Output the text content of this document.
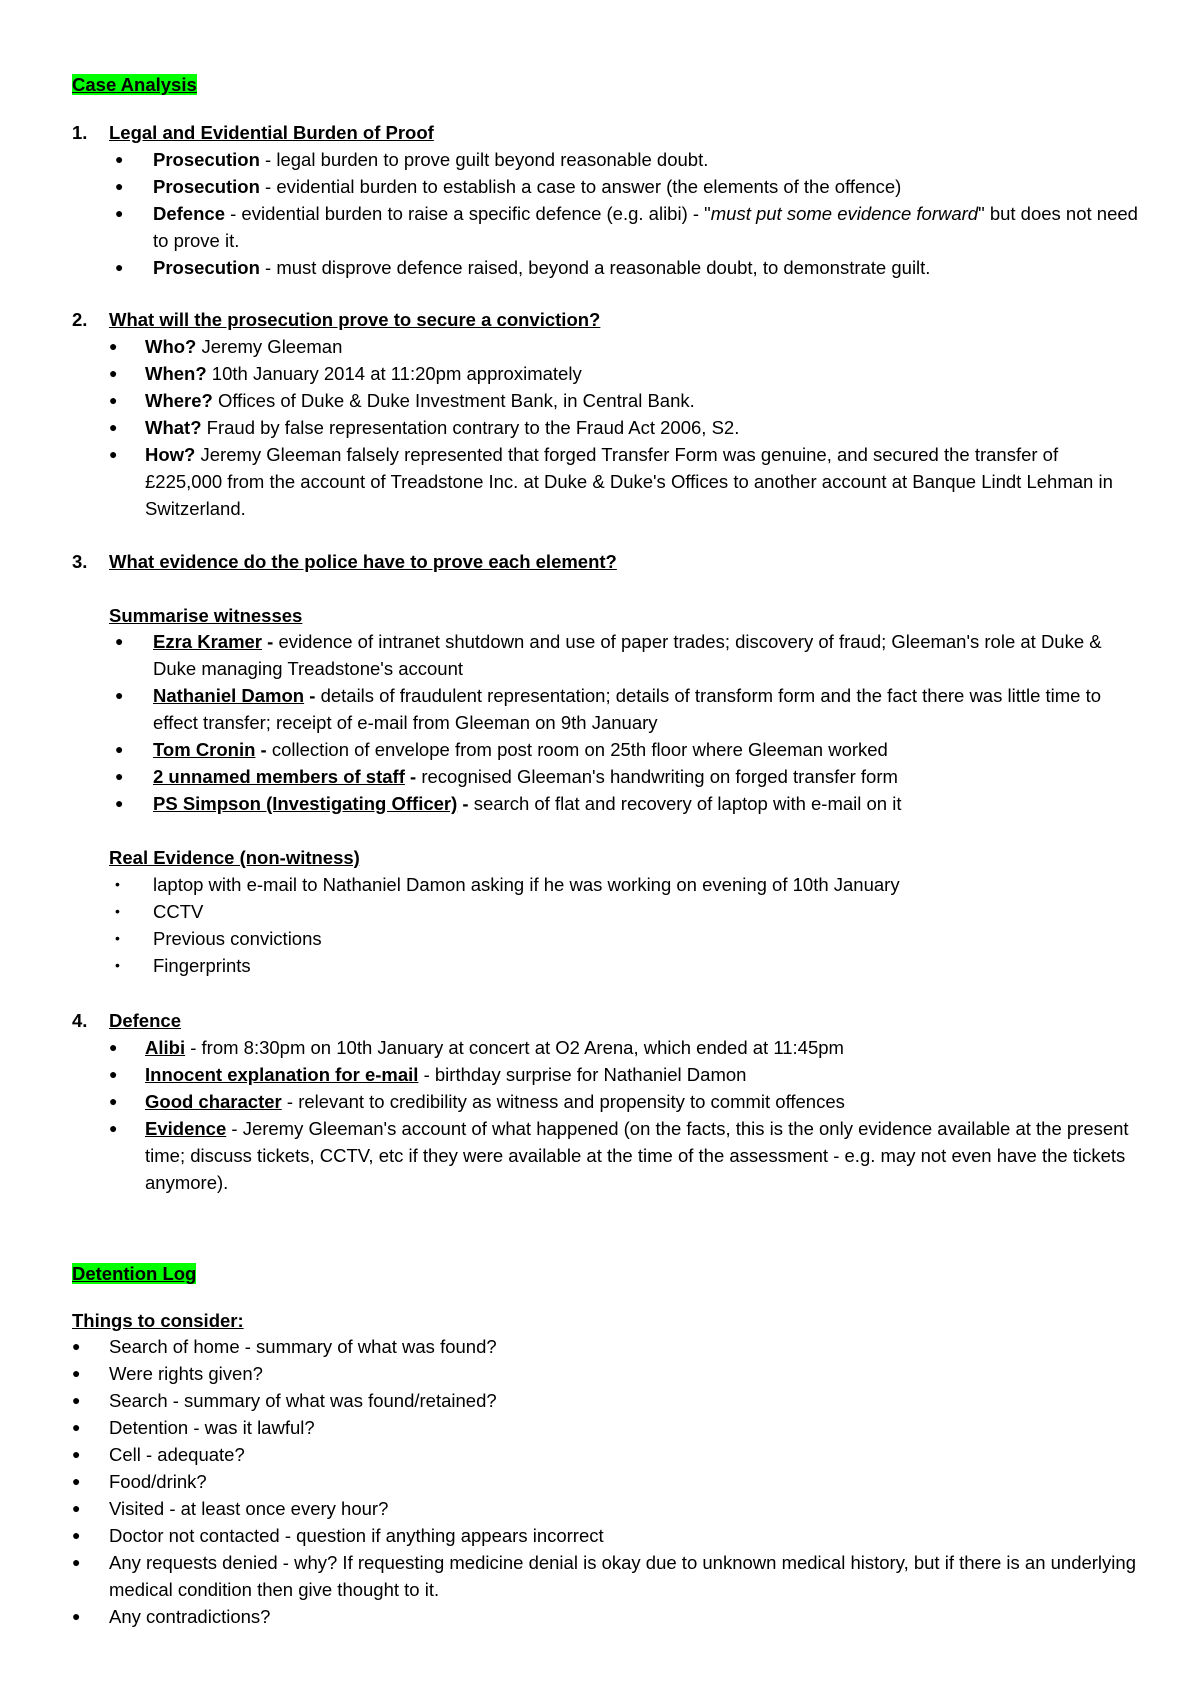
Case Analysis
1. Legal and Evidential Burden of Proof
● Prosecution - legal burden to prove guilt beyond reasonable doubt.
● Prosecution - evidential burden to establish a case to answer (the elements of the offence)
● Defence - evidential burden to raise a specific defence (e.g. alibi) - "must put some evidence forward" but does not need to prove it.
● Prosecution - must disprove defence raised, beyond a reasonable doubt, to demonstrate guilt.
2. What will the prosecution prove to secure a conviction?
● Who? Jeremy Gleeman
● When? 10th January 2014 at 11:20pm approximately
● Where? Offices of Duke & Duke Investment Bank, in Central Bank.
● What? Fraud by false representation contrary to the Fraud Act 2006, S2.
● How? Jeremy Gleeman falsely represented that forged Transfer Form was genuine, and secured the transfer of £225,000 from the account of Treadstone Inc. at Duke & Duke's Offices to another account at Banque Lindt Lehman in Switzerland.
3. What evidence do the police have to prove each element?
Summarise witnesses
● Ezra Kramer - evidence of intranet shutdown and use of paper trades; discovery of fraud; Gleeman's role at Duke & Duke managing Treadstone's account
● Nathaniel Damon - details of fraudulent representation; details of transform form and the fact there was little time to effect transfer; receipt of e-mail from Gleeman on 9th January
● Tom Cronin - collection of envelope from post room on 25th floor where Gleeman worked
● 2 unnamed members of staff - recognised Gleeman's handwriting on forged transfer form
● PS Simpson (Investigating Officer) - search of flat and recovery of laptop with e-mail on it
Real Evidence (non-witness)
• laptop with e-mail to Nathaniel Damon asking if he was working on evening of 10th January
• CCTV
• Previous convictions
• Fingerprints
4. Defence
● Alibi - from 8:30pm on 10th January at concert at O2 Arena, which ended at 11:45pm
● Innocent explanation for e-mail - birthday surprise for Nathaniel Damon
● Good character - relevant to credibility as witness and propensity to commit offences
● Evidence - Jeremy Gleeman's account of what happened (on the facts, this is the only evidence available at the present time; discuss tickets, CCTV, etc if they were available at the time of the assessment - e.g. may not even have the tickets anymore).
Detention Log
Things to consider:
● Search of home - summary of what was found?
● Were rights given?
● Search - summary of what was found/retained?
● Detention - was it lawful?
● Cell - adequate?
● Food/drink?
● Visited - at least once every hour?
● Doctor not contacted - question if anything appears incorrect
● Any requests denied - why? If requesting medicine denial is okay due to unknown medical history, but if there is an underlying medical condition then give thought to it.
● Any contradictions?
